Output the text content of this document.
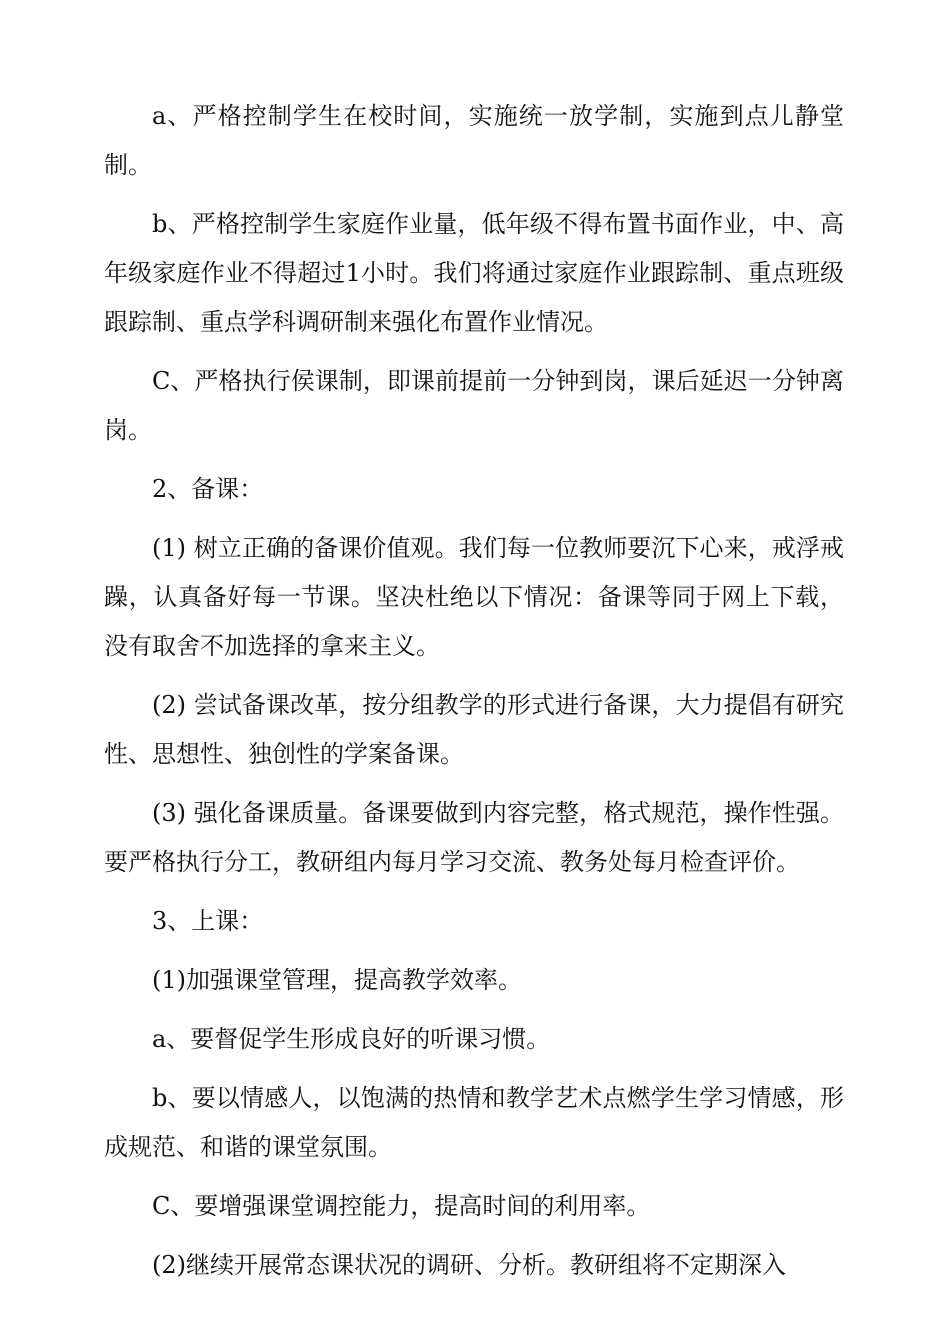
a、严格控制学生在校时间，实施统一放学制，实施到点儿静堂制。

b、严格控制学生家庭作业量，低年级不得布置书面作业，中、高年级家庭作业不得超过1小时。我们将通过家庭作业跟踪制、重点班级跟踪制、重点学科调研制来强化布置作业情况。

C、严格执行侯课制，即课前提前一分钟到岗，课后延迟一分钟离岗。

2、备课：

(1) 树立正确的备课价值观。我们每一位教师要沉下心来，戒浮戒躁，认真备好每一节课。坚决杜绝以下情况：备课等同于网上下载，没有取舍不加选择的拿来主义。

(2) 尝试备课改革，按分组教学的形式进行备课，大力提倡有研究性、思想性、独创性的学案备课。

(3) 强化备课质量。备课要做到内容完整，格式规范，操作性强。要严格执行分工，教研组内每月学习交流、教务处每月检查评价。

3、上课：

(1)加强课堂管理，提高教学效率。

a、要督促学生形成良好的听课习惯。

b、要以情感人，以饱满的热情和教学艺术点燃学生学习情感，形成规范、和谐的课堂氛围。

C、要增强课堂调控能力，提高时间的利用率。

(2)继续开展常态课状况的调研、分析。教研组将不定期深入
